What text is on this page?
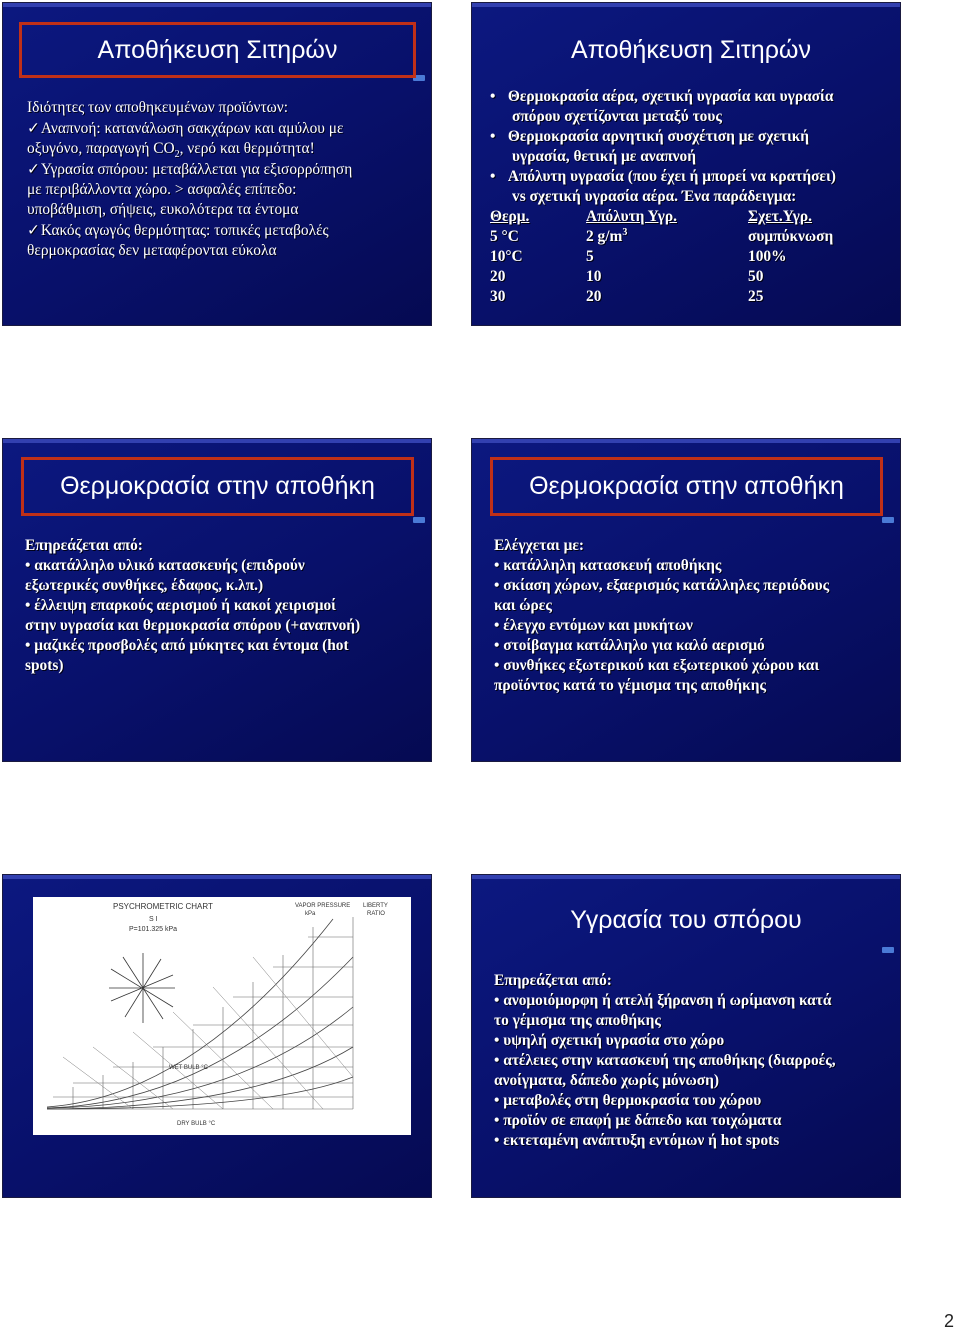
Αποθήκευση Σιτηρών
Ιδιότητες των αποθηκευμένων προϊόντων:
✓ Αναπνοή: κατανάλωση σακχάρων και αμύλου με
οξυγόνο, παραγωγή $CO_2$, νερό και θερμότητα!
✓ Υγρασία σπόρου: μεταβάλλεται για εξισορρόπηση
με περιβάλλοντα χώρο. > ασφαλές επίπεδο:
υποβάθμιση, σήψεις, ευκολότερα τα έντομα
✓ Κακός αγωγός θερμότητας: τοπικές μεταβολές
θερμοκρασίας δεν μεταφέρονται εύκολα
Αποθήκευση Σιτηρών
• Θερμοκρασία αέρα, σχετική υγρασία και υγρασία
σπόρου σχετίζονται μεταξύ τους
• Θερμοκρασία αρνητική συσχέτιση με σχετική
υγρασία, θετική με αναπνοή
• Απόλυτη υγρασία (που έχει ή μπορεί να κρατήσει)
vs σχετική υγρασία αέρα. Ένα παράδειγμα:
Θερμ.	Απόλυτη Υγρ.	Σχετ.Υγρ.
5 °C	2 $g/m^3$	συμπύκνωση
10°C	5	100%
20	10	50
30	20	25
Θερμοκρασία στην αποθήκη
Επηρεάζεται από:
• ακατάλληλο υλικό κατασκευής (επιδρούν
εξωτερικές συνθήκες, έδαφος, κ.λπ.)
• έλλειψη επαρκούς αερισμού ή κακοί χειρισμοί
στην υγρασία και θερμοκρασία σπόρου (+αναπνοή)
• μαζικές προσβολές από μύκητες και έντομα (hot
spots)
Θερμοκρασία στην αποθήκη
Ελέγχεται με:
• κατάλληλη κατασκευή αποθήκης
• σκίαση χώρων, εξαερισμός κατάλληλες περιόδους
και ώρες
• έλεγχο εντόμων και μυκήτων
• στοίβαγμα κατάλληλο για καλό αερισμό
• συνθήκες εξωτερικού και εξωτερικού χώρου και
προϊόντος κατά το γέμισμα της αποθήκης
PSYCHROMETRIC CHART
S I
P=101.325 kPa
VAPOR PRESSURE
kPa
LIBERTY
RATIO
WET BULB °C
DRY BULB °C
Υγρασία του σπόρου
Επηρεάζεται από:
• ανομοιόμορφη ή ατελή ξήρανση ή ωρίμανση κατά
το γέμισμα της αποθήκης
• υψηλή σχετική υγρασία στο χώρο
• ατέλειες στην κατασκευή της αποθήκης (διαρροές,
ανοίγματα, δάπεδο χωρίς μόνωση)
• μεταβολές στη θερμοκρασία του χώρου
• προϊόν σε επαφή με δάπεδο και τοιχώματα
• εκτεταμένη ανάπτυξη εντόμων ή hot spots
2
